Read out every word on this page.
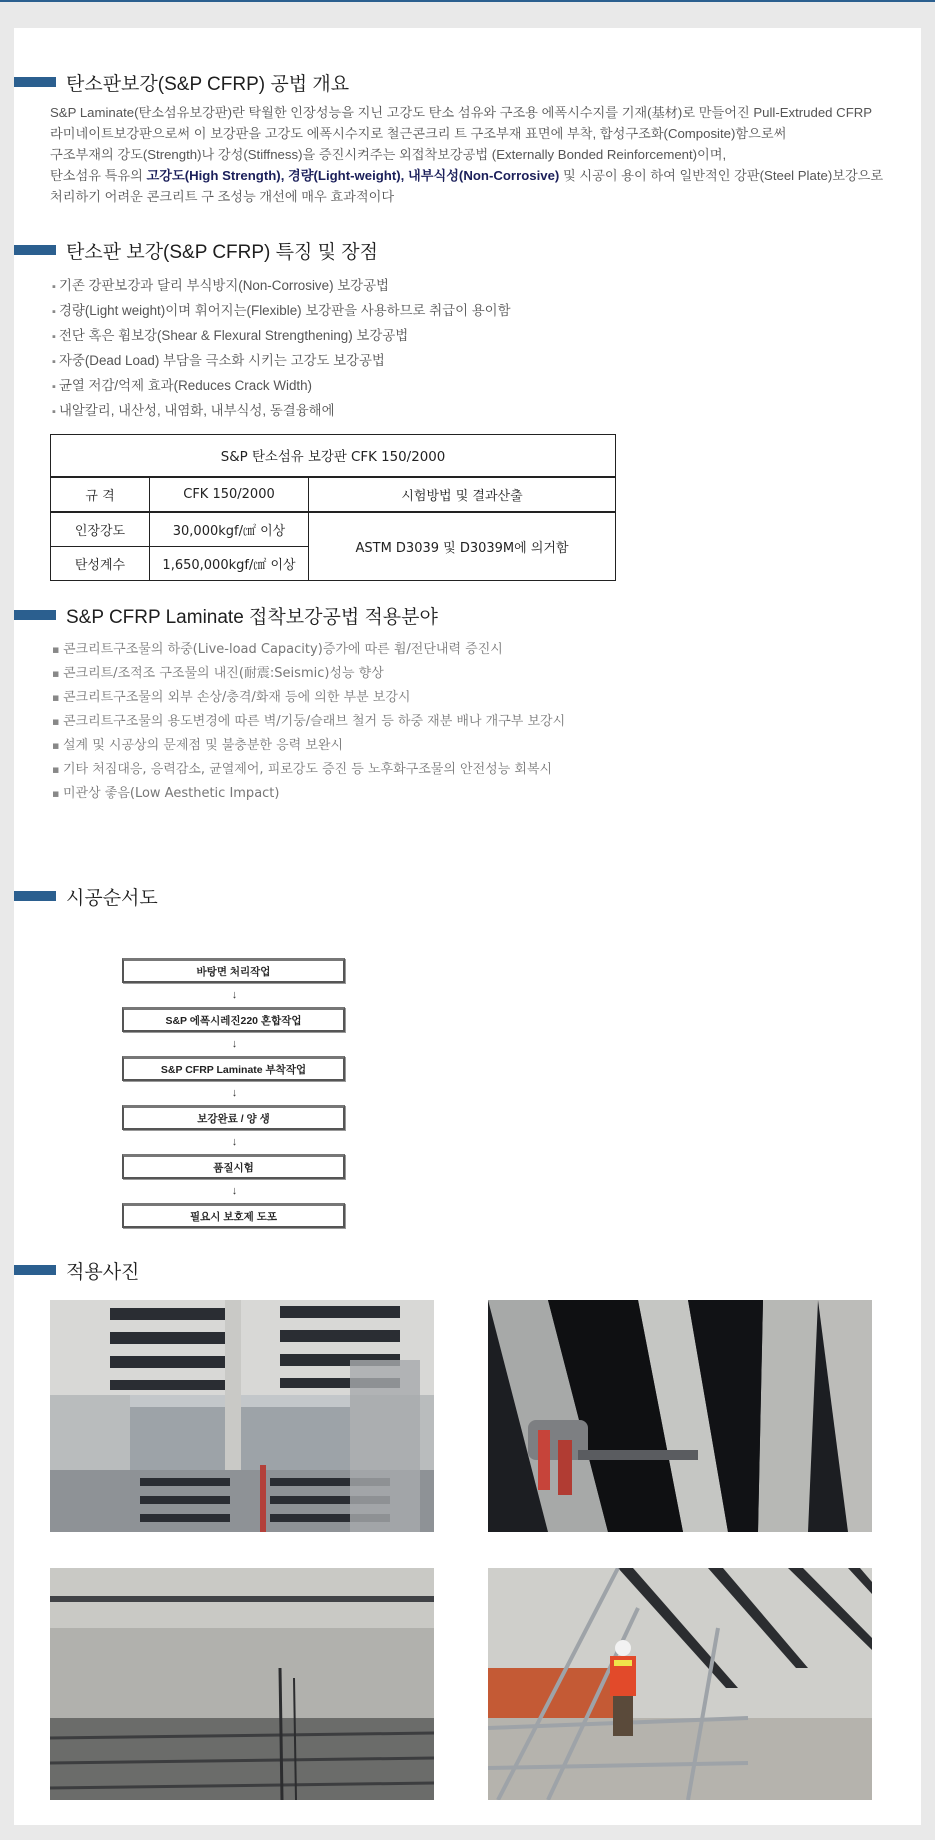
탄소판보강(S&P CFRP) 공법 개요
S&P Laminate(탄소섬유보강판)란 탁월한 인장성능을 지닌 고강도 탄소 섬유와 구조용 에폭시수지를 기재(基材)로 만들어진 Pull-Extruded CFRP
라미네이트보강판으로써 이 보강판을 고강도 에폭시수지로 철근콘크리 트 구조부재 표면에 부착, 합성구조화(Composite)함으로써
구조부재의 강도(Strength)나 강성(Stiffness)을 증진시켜주는 외접착보강공법 (Externally Bonded Reinforcement)이며,
탄소섬유 특유의 고강도(High Strength), 경량(Light-weight), 내부식성(Non-Corrosive) 및 시공이 용이 하여 일반적인 강판(Steel Plate)보강으로
처리하기 어려운 콘크리트 구 조성능 개선에 매우 효과적이다
탄소판 보강(S&P CFRP) 특징 및 장점
▪ 기존 강판보강과 달리 부식방지(Non-Corrosive) 보강공법
▪ 경량(Light weight)이며 휘어지는(Flexible) 보강판을 사용하므로 취급이 용이함
▪ 전단 혹은 휨보강(Shear & Flexural Strengthening) 보강공법
▪ 자중(Dead Load) 부담을 극소화 시키는 고강도 보강공법
▪ 균열 저감/억제 효과(Reduces Crack Width)
▪ 내알칼리, 내산성, 내염화, 내부식성, 동결융해에
S&P 탄소섬유 보강판 CFK 150/2000		
규 격	CFK 150/2000	시험방법 및 결과산출
인장강도	30,000kgf/㎠ 이상	ASTM D3039 및 D3039M에 의거함
탄성계수	1,650,000kgf/㎠ 이상	
S&P CFRP Laminate 접착보강공법 적용분야
▪ 콘크리트구조물의 하중(Live-load Capacity)증가에 따른 휨/전단내력 증진시
▪ 콘크리트/조적조 구조물의 내진(耐震:Seismic)성능 향상
▪ 콘크리트구조물의 외부 손상/충격/화재 등에 의한 부분 보강시
▪ 콘크리트구조물의 용도변경에 따른 벽/기둥/슬래브 철거 등 하중 재분 배나 개구부 보강시
▪ 설계 및 시공상의 문제점 및 불충분한 응력 보완시
▪ 기타 처짐대응, 응력감소, 균열제어, 피로강도 증진 등 노후화구조물의 안전성능 회복시
▪ 미관상 좋음(Low Aesthetic Impact)
시공순서도
바탕면 처리작업
↓
S&P 에폭시레진220 혼합작업
↓
S&P CFRP Laminate 부착작업
↓
보강완료 / 양 생
↓
품질시험
↓
필요시 보호제 도포
적용사진
